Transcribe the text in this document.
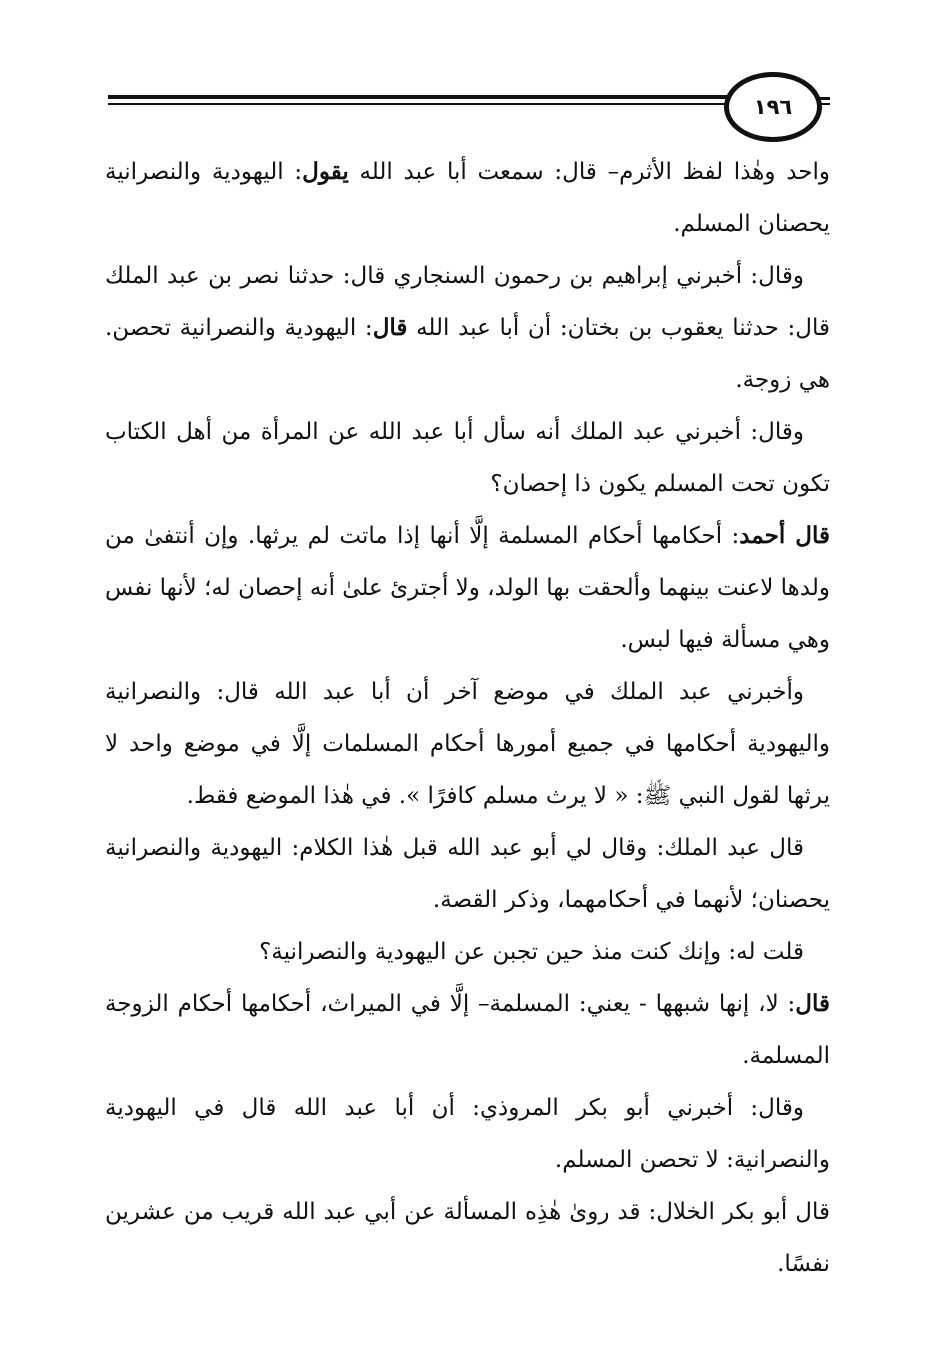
١٩٦

واحد وهٰذا لفظ الأثرم– قال: سمعت أبا عبد الله يقول: اليهودية والنصرانية يحصنان المسلم.

وقال: أخبرني إبراهيم بن رحمون السنجاري قال: حدثنا نصر بن عبد الملك قال: حدثنا يعقوب بن بختان: أن أبا عبد الله قال: اليهودية والنصرانية تحصن. هي زوجة.

وقال: أخبرني عبد الملك أنه سأل أبا عبد الله عن المرأة من أهل الكتاب تكون تحت المسلم يكون ذا إحصان؟

قال أحمد: أحكامها أحكام المسلمة إلَّا أنها إذا ماتت لم يرثها. وإن أنتفىٰ من ولدها لاعنت بينهما وألحقت بها الولد، ولا أجترئ علىٰ أنه إحصان له؛ لأنها نفس وهي مسألة فيها لبس.

وأخبرني عبد الملك في موضع آخر أن أبا عبد الله قال: والنصرانية واليهودية أحكامها في جميع أمورها أحكام المسلمات إلَّا في موضع واحد لا يرثها لقول النبي ﷺ: « لا يرث مسلم كافرًا ». في هٰذا الموضع فقط.

قال عبد الملك: وقال لي أبو عبد الله قبل هٰذا الكلام: اليهودية والنصرانية يحصنان؛ لأنهما في أحكامهما، وذكر القصة.

قلت له: وإنك كنت منذ حين تجبن عن اليهودية والنصرانية؟

قال: لا، إنها شبهها - يعني: المسلمة– إلَّا في الميراث، أحكامها أحكام الزوجة المسلمة.

وقال: أخبرني أبو بكر المروذي: أن أبا عبد الله قال في اليهودية والنصرانية: لا تحصن المسلم.

قال أبو بكر الخلال: قد روىٰ هٰذِه المسألة عن أبي عبد الله قريب من عشرين نفسًا.
